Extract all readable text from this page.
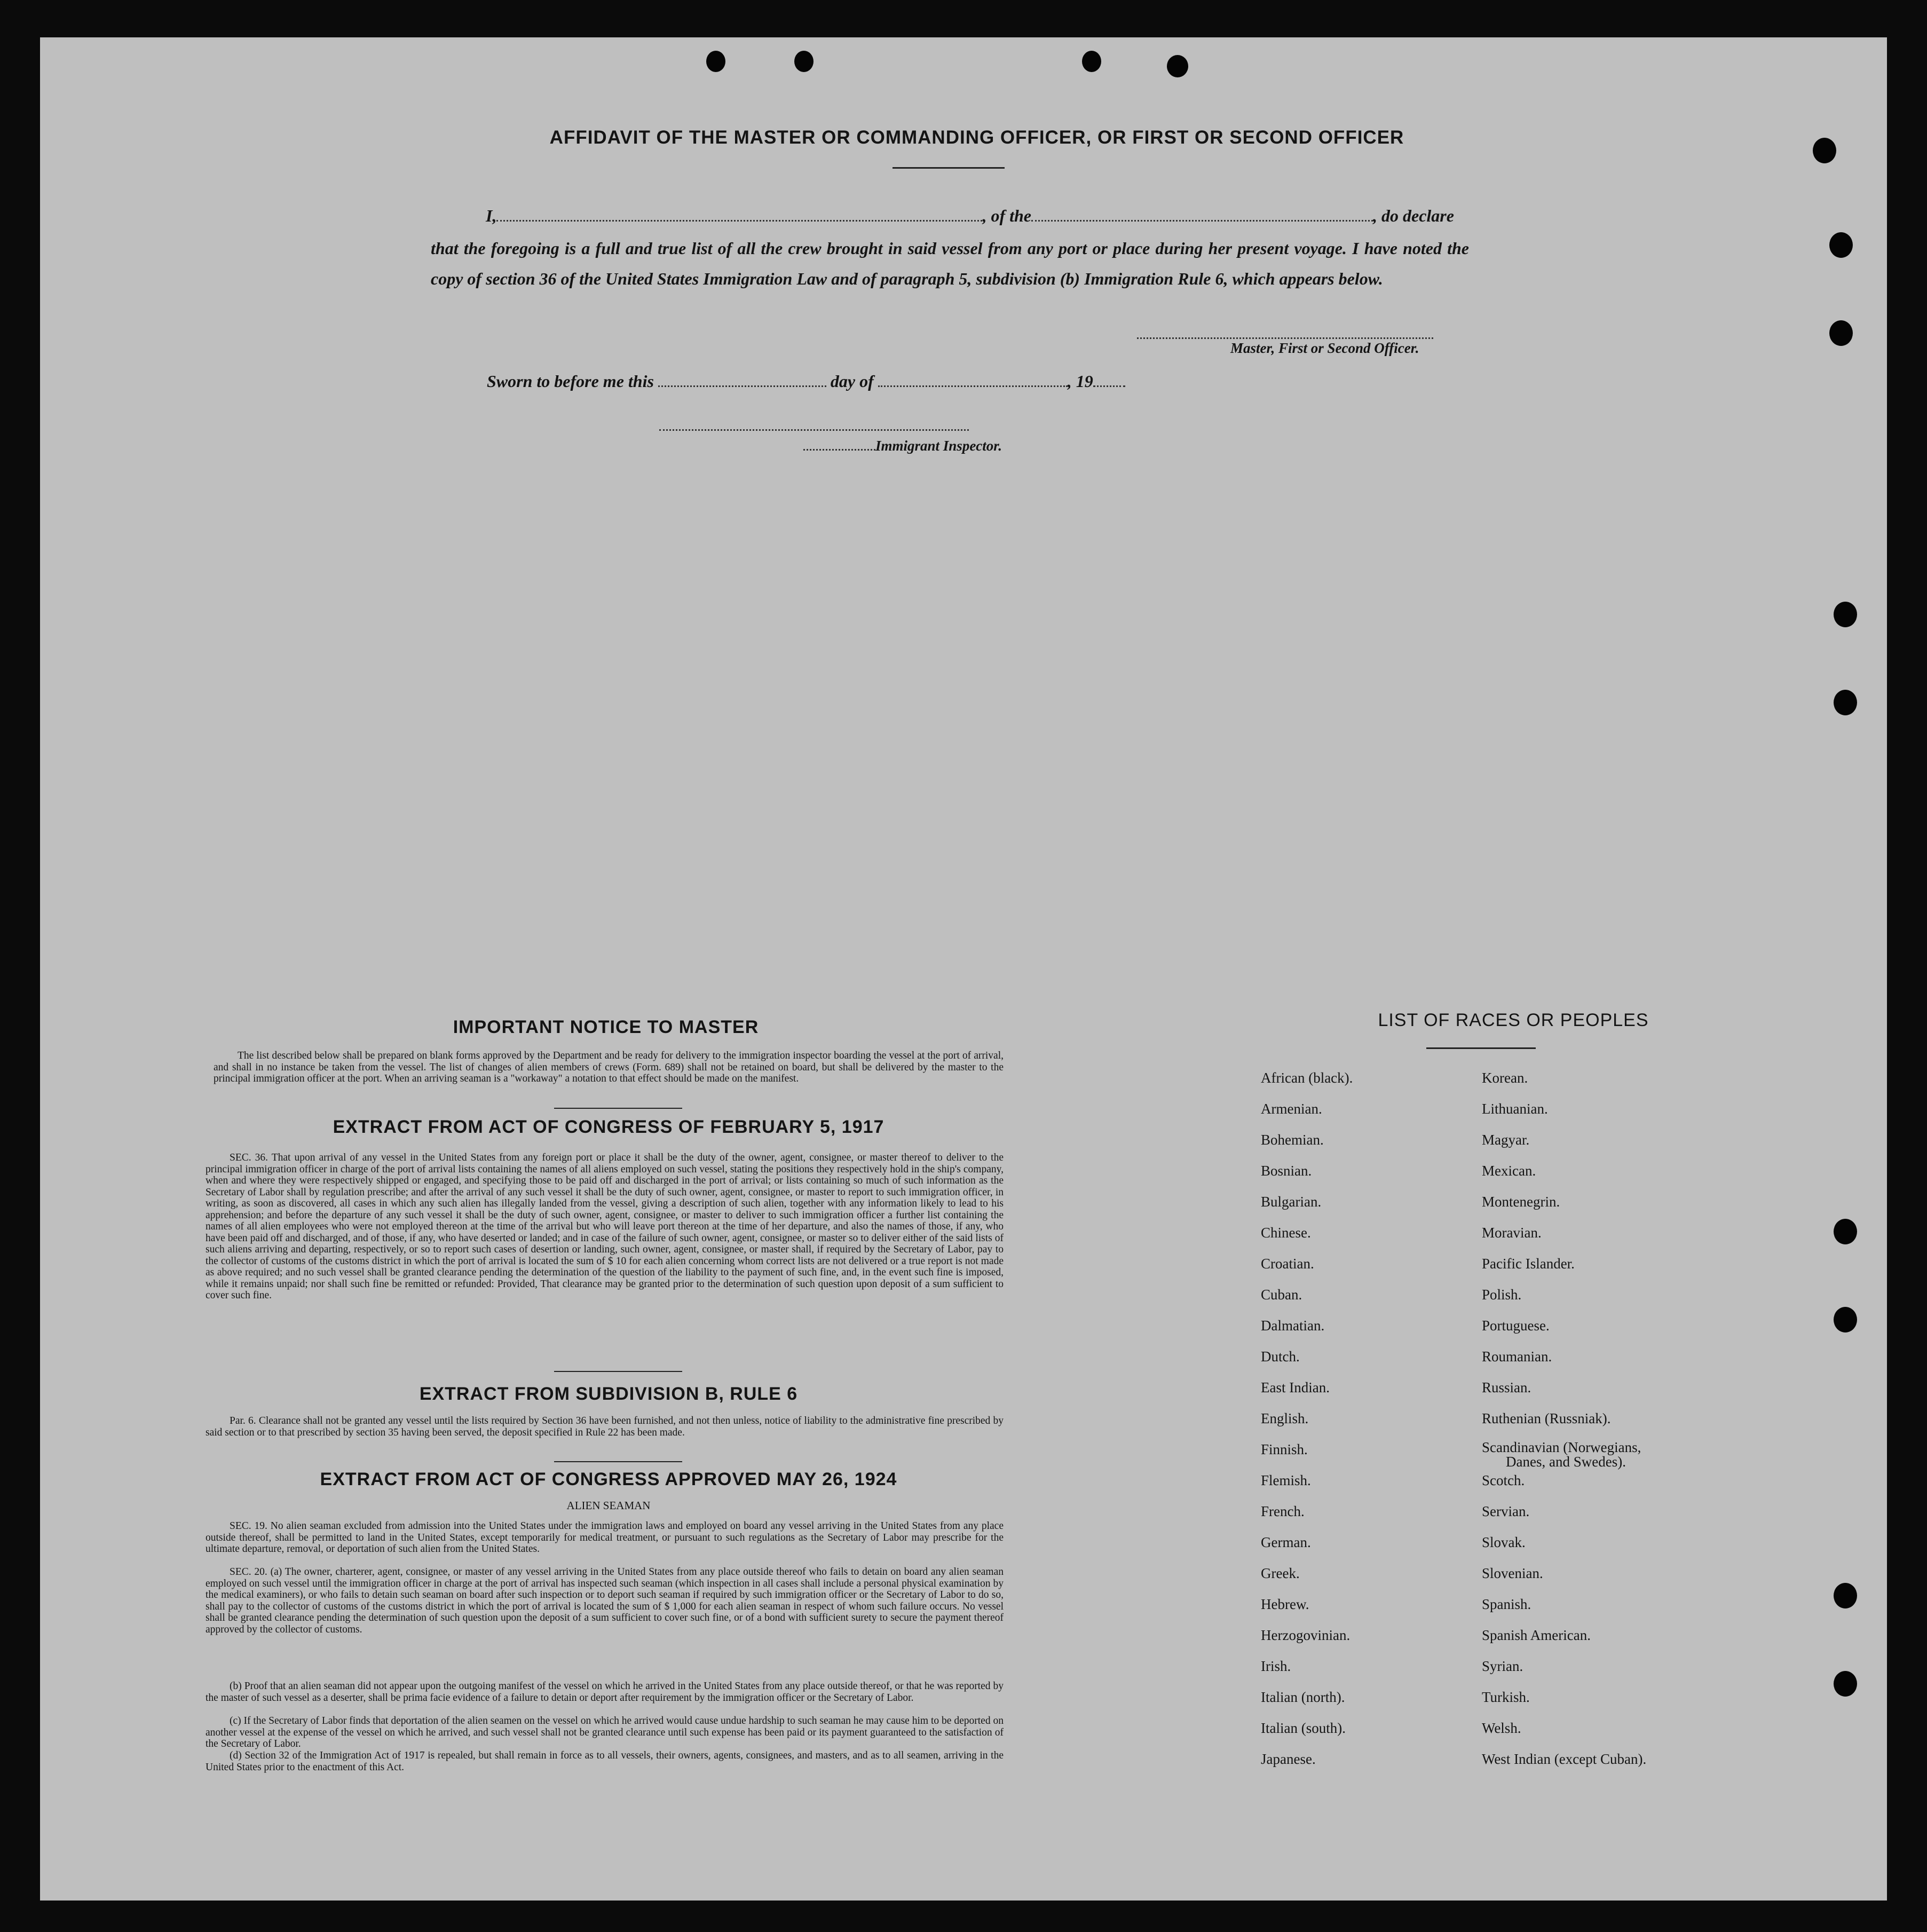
AFFIDAVIT OF THE MASTER OR COMMANDING OFFICER, OR FIRST OR SECOND OFFICER
I,	, of the	, do declare

that the foregoing is a full and true list of all the crew brought in said vessel from any port or place during her present voyage. I have noted the copy of section 36 of the United States Immigration Law and of paragraph 5, subdivision (b) Immigration Rule 6, which appears below.

Master, First or Second Officer.
Sworn to before me this	day of	, 19
Immigrant Inspector.
IMPORTANT NOTICE TO MASTER

The list described below shall be prepared on blank forms approved by the Department and be ready for delivery to the immigration inspector boarding the vessel at the port of arrival, and shall in no instance be taken from the vessel. The list of changes of alien members of crews (Form. 689) shall not be retained on board, but shall be delivered by the master to the principal immigration officer at the port. When an arriving seaman is a "workaway" a notation to that effect should be made on the manifest.

EXTRACT FROM ACT OF CONGRESS OF FEBRUARY 5, 1917

SEC. 36. That upon arrival of any vessel in the United States from any foreign port or place it shall be the duty of the owner, agent, consignee, or master thereof to deliver to the principal immigration officer in charge of the port of arrival lists containing the names of all aliens employed on such vessel, stating the positions they respectively hold in the ship's company, when and where they were respectively shipped or engaged, and specifying those to be paid off and discharged in the port of arrival; or lists containing so much of such information as the Secretary of Labor shall by regulation prescribe; and after the arrival of any such vessel it shall be the duty of such owner, agent, consignee, or master to report to such immigration officer, in writing, as soon as discovered, all cases in which any such alien has illegally landed from the vessel, giving a description of such alien, together with any information likely to lead to his apprehension; and before the departure of any such vessel it shall be the duty of such owner, agent, consignee, or master to deliver to such immigration officer a further list containing the names of all alien employees who were not employed thereon at the time of the arrival but who will leave port thereon at the time of her departure, and also the names of those, if any, who have been paid off and discharged, and of those, if any, who have deserted or landed; and in case of the failure of such owner, agent, consignee, or master so to deliver either of the said lists of such aliens arriving and departing, respectively, or so to report such cases of desertion or landing, such owner, agent, consignee, or master shall, if required by the Secretary of Labor, pay to the collector of customs of the customs district in which the port of arrival is located the sum of $ 10 for each alien concerning whom correct lists are not delivered or a true report is not made as above required; and no such vessel shall be granted clearance pending the determination of the question of the liability to the payment of such fine, and, in the event such fine is imposed, while it remains unpaid; nor shall such fine be remitted or refunded: Provided, That clearance may be granted prior to the determination of such question upon deposit of a sum sufficient to cover such fine.

EXTRACT FROM SUBDIVISION B, RULE 6

Par. 6. Clearance shall not be granted any vessel until the lists required by Section 36 have been furnished, and not then unless, notice of liability to the administrative fine prescribed by said section or to that prescribed by section 35 having been served, the deposit specified in Rule 22 has been made.

EXTRACT FROM ACT OF CONGRESS APPROVED MAY 26, 1924
ALIEN SEAMAN

SEC. 19. No alien seaman excluded from admission into the United States under the immigration laws and employed on board any vessel arriving in the United States from any place outside thereof, shall be permitted to land in the United States, except temporarily for medical treatment, or pursuant to such regulations as the Secretary of Labor may prescribe for the ultimate departure, removal, or deportation of such alien from the United States.

SEC. 20. (a) The owner, charterer, agent, consignee, or master of any vessel arriving in the United States from any place outside thereof who fails to detain on board any alien seaman employed on such vessel until the immigration officer in charge at the port of arrival has inspected such seaman (which inspection in all cases shall include a personal physical examination by the medical examiners), or who fails to detain such seaman on board after such inspection or to deport such seaman if required by such immigration officer or the Secretary of Labor to do so, shall pay to the collector of customs of the customs district in which the port of arrival is located the sum of $ 1,000 for each alien seaman in respect of whom such failure occurs. No vessel shall be granted clearance pending the determination of such question upon the deposit of a sum sufficient to cover such fine, or of a bond with sufficient surety to secure the payment thereof approved by the collector of customs.

(b) Proof that an alien seaman did not appear upon the outgoing manifest of the vessel on which he arrived in the United States from any place outside thereof, or that he was reported by the master of such vessel as a deserter, shall be prima facie evidence of a failure to detain or deport after requirement by the immigration officer or the Secretary of Labor.

(c) If the Secretary of Labor finds that deportation of the alien seamen on the vessel on which he arrived would cause undue hardship to such seaman he may cause him to be deported on another vessel at the expense of the vessel on which he arrived, and such vessel shall not be granted clearance until such expense has been paid or its payment guaranteed to the satisfaction of the Secretary of Labor.

(d) Section 32 of the Immigration Act of 1917 is repealed, but shall remain in force as to all vessels, their owners, agents, consignees, and masters, and as to all seamen, arriving in the United States prior to the enactment of this Act.

LIST OF RACES OR PEOPLES
African (black).
Armenian.
Bohemian.
Bosnian.
Bulgarian.
Chinese.
Croatian.
Cuban.
Dalmatian.
Dutch.
East Indian.
English.
Finnish.
Flemish.
French.
German.
Greek.
Hebrew.
Herzogovinian.
Irish.
Italian (north).
Italian (south).
Japanese.
Korean.
Lithuanian.
Magyar.
Mexican.
Montenegrin.
Moravian.
Pacific Islander.
Polish.
Portuguese.
Roumanian.
Russian.
Ruthenian (Russniak).
Scandinavian (Norwegians,
Danes, and Swedes).
Scotch.
Servian.
Slovak.
Slovenian.
Spanish.
Spanish American.
Syrian.
Turkish.
Welsh.
West Indian (except Cuban).
